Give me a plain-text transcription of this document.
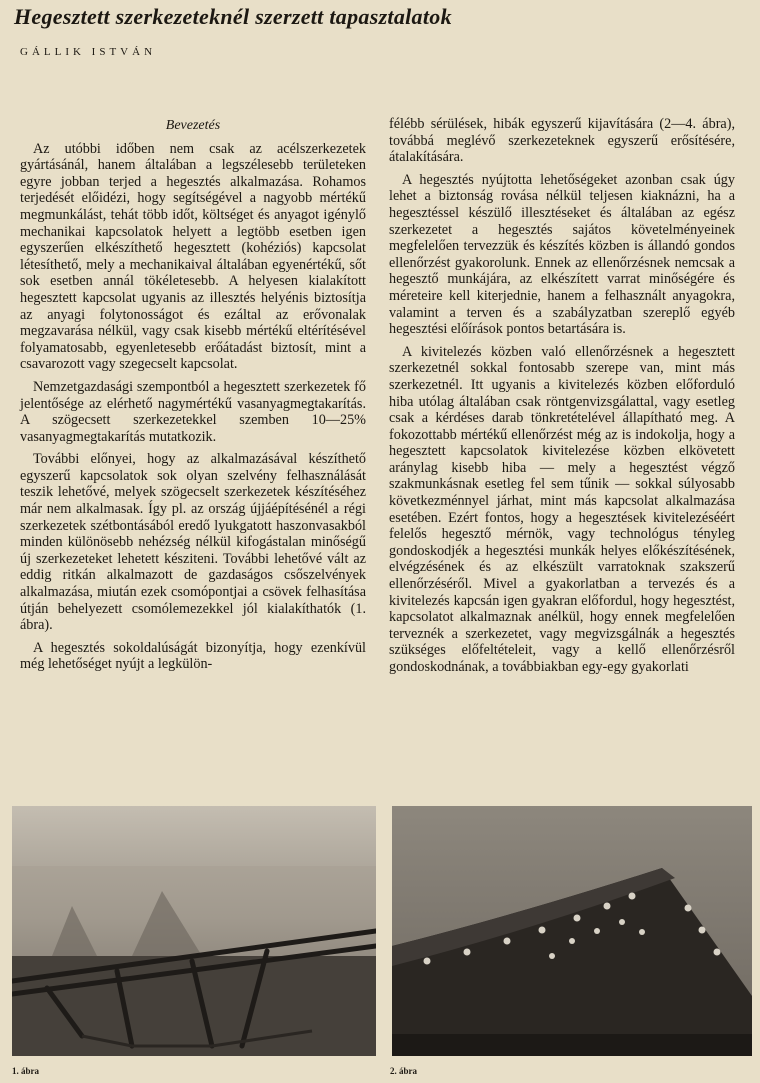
Hegesztett szerkezeteknél szerzett tapasztalatok
GÁLLIK ISTVÁN

Bevezetés

Az utóbbi időben nem csak az acélszerkezetek gyártásánál, hanem általában a legszélesebb területeken egyre jobban terjed a hegesztés alkalmazása. Rohamos terjedését előidézi, hogy segítségével a nagyobb mértékű megmunkálást, tehát több időt, költséget és anyagot igénylő mechanikai kapcsolatok helyett a legtöbb esetben igen egyszerűen elkészíthető hegesztett (kohéziós) kapcsolat létesíthető, mely a mechanikaival általában egyenértékű, sőt sok esetben annál tökéletesebb. A helyesen kialakított hegesztett kapcsolat ugyanis az illesztés helyénis biztosítja az anyagi folytonosságot és ezáltal az erővonalak megzavarása nélkül, vagy csak kisebb mértékű eltérítésével folyamatosabb, egyenletesebb erőátadást biztosít, mint a csavarozott vagy szegecselt kapcsolat.

Nemzetgazdasági szempontból a hegesztett szerkezetek fő jelentősége az elérhető nagymértékű vasanyagmegtakarítás. A szögecsett szerkezetekkel szemben 10—25% vasanyagmegtakarítás mutatkozik.

További előnyei, hogy az alkalmazásával készíthető egyszerű kapcsolatok sok olyan szelvény felhasználását teszik lehetővé, melyek szögecselt szerkezetek készítéséhez már nem alkalmasak. Így pl. az ország újjáépítésénél a régi szerkezetek szétbontásából eredő lyukgatott haszonvasakból minden különösebb nehézség nélkül kifogástalan minőségű új szerkezeteket lehetett késziteni. További lehetővé vált az eddig ritkán alkalmazott de gazdaságos csőszelvények alkalmazása, miután ezek csomópontjai a csövek felhasítása útján behelyezett csomólemezekkel jól kialakíthatók (1. ábra).

A hegesztés sokoldalúságát bizonyítja, hogy ezenkívül még lehetőséget nyújt a legkülön-

félébb sérülések, hibák egyszerű kijavítására (2—4. ábra), továbbá meglévő szerkezeteknek egyszerű erősítésére, átalakítására.

A hegesztés nyújtotta lehetőségeket azonban csak úgy lehet a biztonság rovása nélkül teljesen kiaknázni, ha a hegesztéssel készülő illesztéseket és általában az egész szerkezetet a hegesztés sajátos követelményeinek megfelelően tervezzük és készítés közben is állandó gondos ellenőrzést gyakorolunk. Ennek az ellenőrzésnek nemcsak a hegesztő munkájára, az elkészített varrat minőségére és méreteire kell kiterjednie, hanem a felhasznált anyagokra, valamint a terven és a szabályzatban szereplő egyéb hegesztési előírások pontos betartására is.

A kivitelezés közben való ellenőrzésnek a hegesztett szerkezetnél sokkal fontosabb szerepe van, mint más szerkezetnél. Itt ugyanis a kivitelezés közben előforduló hiba utólag általában csak röntgenvizsgálattal, vagy esetleg csak a kérdéses darab tönkretételével állapítható meg. A fokozottabb mértékű ellenőrzést még az is indokolja, hogy a hegesztett kapcsolatok kivitelezése közben elkövetett aránylag kisebb hiba — mely a hegesztést végző szakmunkásnak esetleg fel sem tűnik — sokkal súlyosabb következménnyel járhat, mint más kapcsolat alkalmazása esetében. Ezért fontos, hogy a hegesztések kivitelezéséért felelős hegesztő mérnök, vagy technológus tényleg gondoskodjék a hegesztési munkák helyes előkészítésének, elvégzésének és az elkészült varratoknak szakszerű ellenőrzéséről. Mivel a gyakorlatban a tervezés és a kivitelezés kapcsán igen gyakran előfordul, hogy hegesztést, kapcsolatot alkalmaznak anélkül, hogy ennek megfelelően terveznék a szerkezetet, vagy megvizsgálnák a hegesztés szükséges előfeltételeit, vagy a kellő ellenőrzésről gondoskodnának, a továbbiakban egy-egy gyakorlati

1. ábra	2. ábra
